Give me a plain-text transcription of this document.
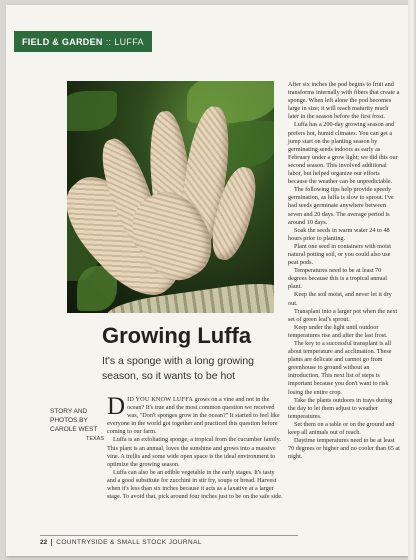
FIELD & GARDEN :: LUFFA
Growing Luffa
It's a sponge with a long growing season, so it wants to be hot
STORY AND PHOTOS BY CAROLE WEST
TEXAS

DID YOU KNOW LUFFA grows on a vine and not in the ocean? It's true and the most common question we received was, "Don't sponges grow in the ocean?" It started to feel like everyone in the world got together and practiced this question before coming to our farm.

Luffa is an exfoliating sponge, a tropical from the cucumber family. This plant is an annual, loves the sunshine and grows into a massive vine. A trellis and some wide open space is the ideal environment to optimize the growing season.

Luffa can also be an edible vegetable in the early stages. It's tasty and a good substitute for zucchini in stir fry, soups or bread. Harvest when it's less than six inches because it acts as a laxative at a larger stage. To avoid that, pick around four inches just to be on the safe side.

After six inches the pod begins to fruit and transforms internally with fibers that create a sponge. When left alone the pod becomes large in size; it will reach maturity much later in the season before the first frost.

Luffa has a 200-day growing season and prefers hot, humid climates. You can get a jump start on the planting season by germinating seeds indoors as early as February under a grow light; we did this our second season. This involved additional labor, but helped organize our efforts because the weather can be unpredictable.

The following tips help provide speedy germination, as luffa is slow to sprout. I've had seeds germinate anywhere between seven and 20 days. The average period is around 10 days.

Soak the seeds in warm water 24 to 48 hours prior to planting.

Plant one seed in containers with moist natural potting soil, or you could also use peat pods.

Temperatures need to be at least 70 degrees because this is a tropical annual plant.

Keep the soil moist, and never let it dry out.

Transplant into a larger pot when the next set of green leaf's sprout.

Keep under the light until outdoor temperatures rise and after the last frost.

The key to a successful transplant is all about temperature and acclimation. These plants are delicate and cannot go from greenhouse to ground without an introduction. This next list of steps is important because you don't want to risk losing the entire crop.

Take the plants outdoors in trays during the day to let them adjust to weather temperatures.

Set them on a table or on the ground and keep all animals out of reach.

Daytime temperatures need to be at least 70 degrees or higher and no cooler than 65 at night.

22 COUNTRYSIDE & SMALL STOCK JOURNAL
